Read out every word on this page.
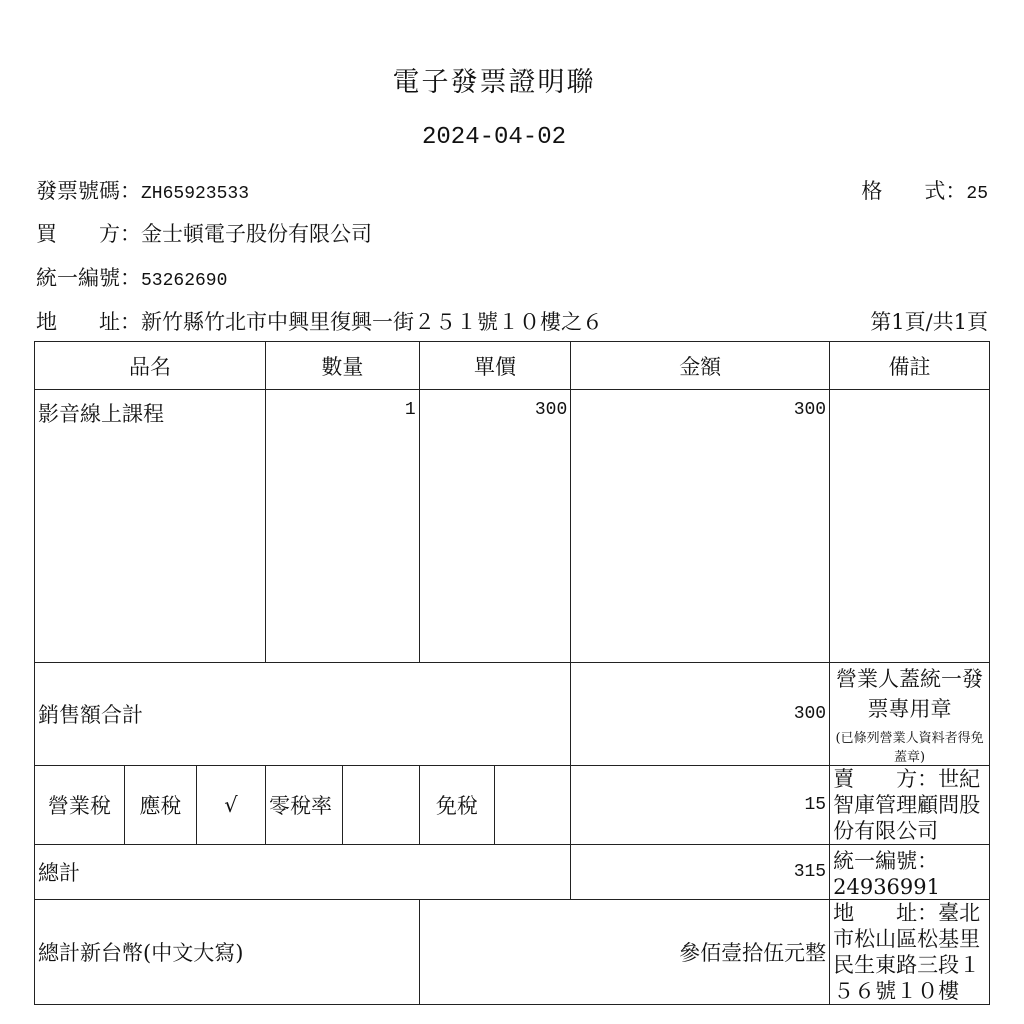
電子發票證明聯
2024-04-02
發票號碼：ZH65923533	格　　式：25
買　　方：金士頓電子股份有限公司
統一編號：53262690
地　　址：新竹縣竹北市中興里復興一街２５１號１０樓之６	第1頁/共1頁
品名			數量		單價		金額	備註
影音線上課程			1		300		300	
銷售額合計							300	營業人蓋統一發票專用章
(已條列營業人資料者得免蓋章)

營業稅	應稅	√	零稅率		免稅		15	賣　　方：世紀智庫管理顧問股份有限公司
總計							315	統一編號：24936991
總計新台幣(中文大寫)					參佰壹拾伍元整			地　　址：臺北市松山區松基里民生東路三段１５６號１０樓
